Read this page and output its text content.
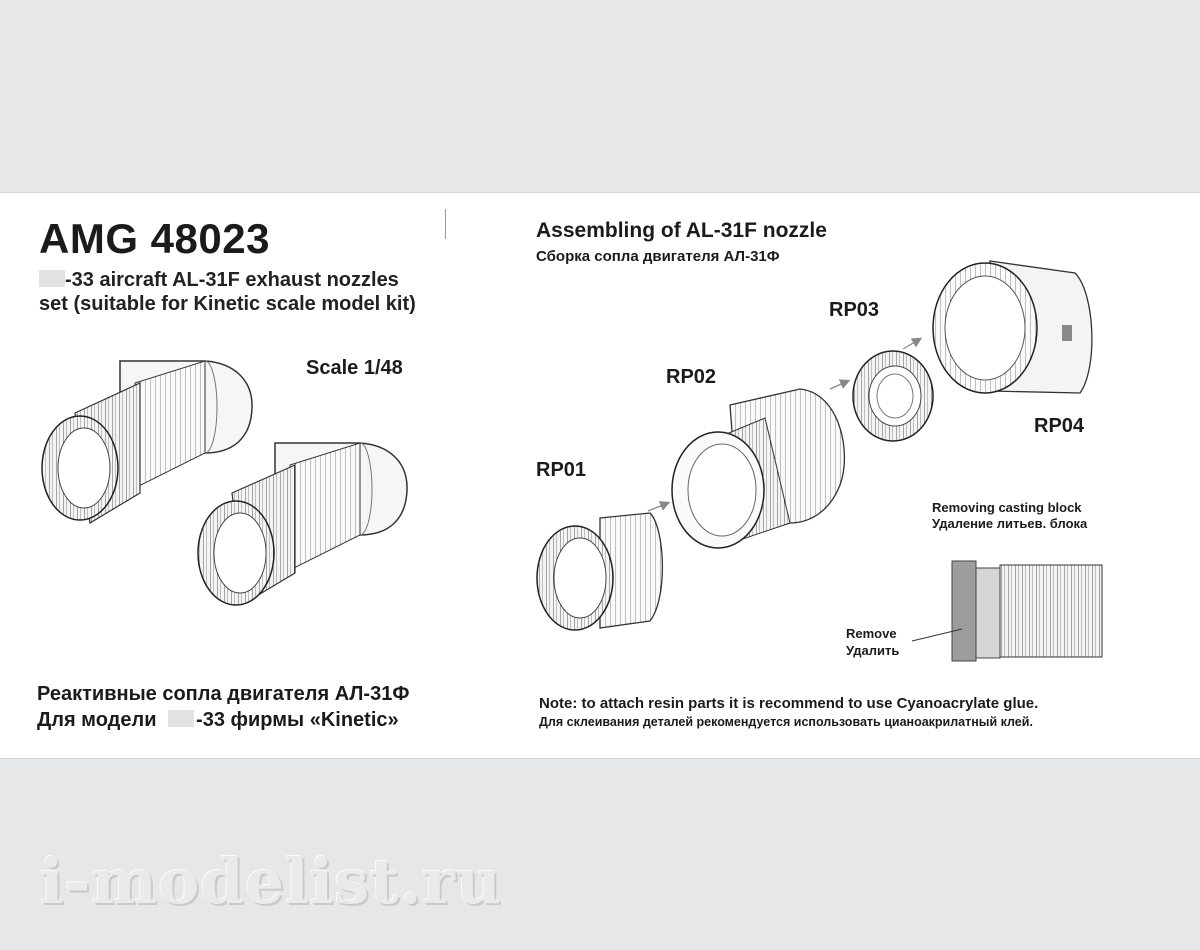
AMG 48023
-33 aircraft AL-31F exhaust nozzles
set (suitable for Kinetic scale model kit)
Scale 1/48
Реактивные сопла двигателя АЛ-31Ф
Для модели -33 фирмы «Kinetic»
Assembling of AL-31F nozzle
Сборка сопла двигателя АЛ-31Ф
RP01
RP02
RP03
RP04
Removing casting block
Удаление литьев. блока
Remove
Удалить
Note: to attach resin parts it is recommend to use Cyanoacrylate glue.
Для склеивания деталей рекомендуется использовать цианоакрилатный клей.
i-modelist.ru
